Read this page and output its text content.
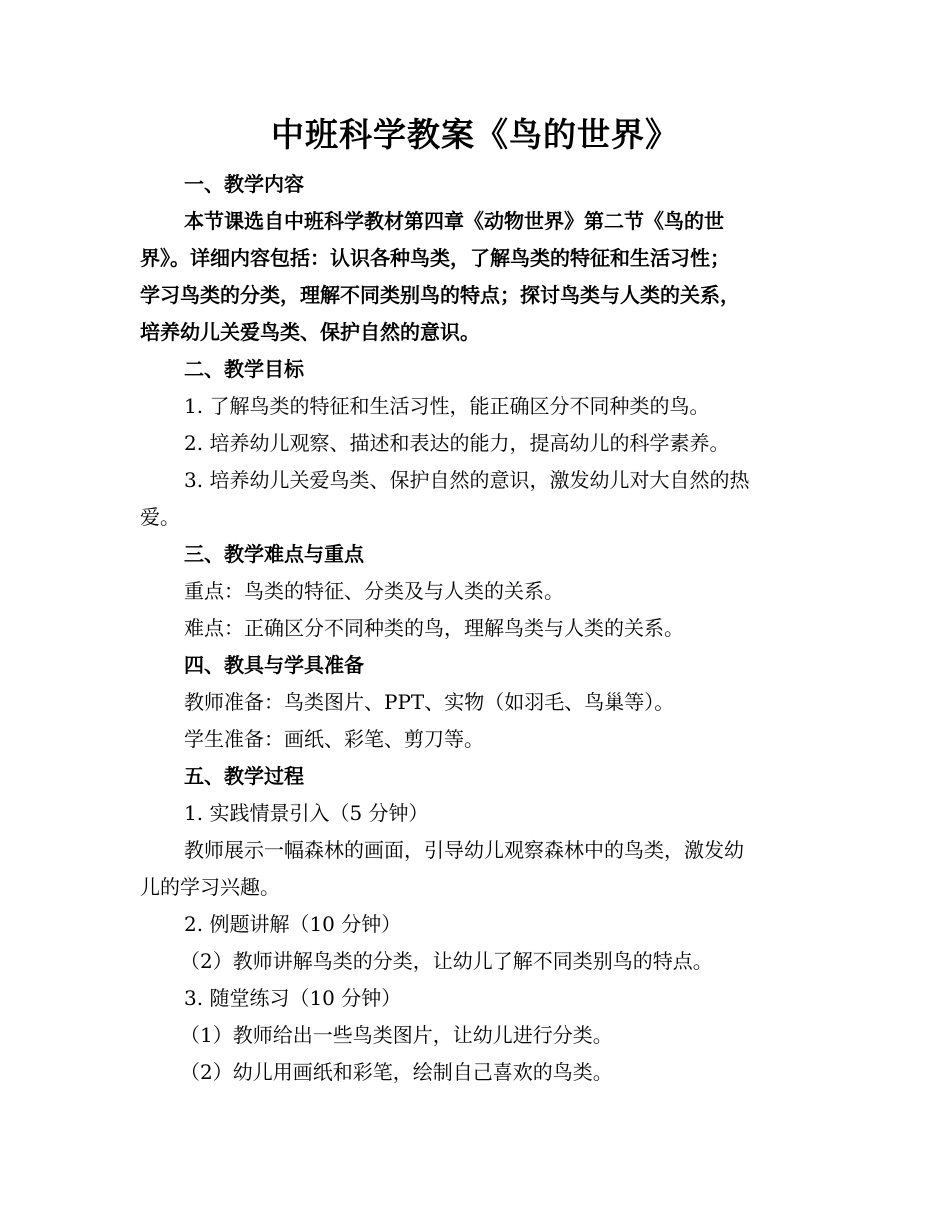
中班科学教案《鸟的世界》

一、教学内容

本节课选自中班科学教材第四章《动物世界》第二节《鸟的世

界》。详细内容包括：认识各种鸟类，了解鸟类的特征和生活习性；

学习鸟类的分类，理解不同类别鸟的特点；探讨鸟类与人类的关系，

培养幼儿关爱鸟类、保护自然的意识。

二、教学目标

1. 了解鸟类的特征和生活习性，能正确区分不同种类的鸟。

2. 培养幼儿观察、描述和表达的能力，提高幼儿的科学素养。

3. 培养幼儿关爱鸟类、保护自然的意识，激发幼儿对大自然的热

爱。

三、教学难点与重点

重点：鸟类的特征、分类及与人类的关系。

难点：正确区分不同种类的鸟，理解鸟类与人类的关系。

四、教具与学具准备

教师准备：鸟类图片、PPT、实物（如羽毛、鸟巢等）。

学生准备：画纸、彩笔、剪刀等。

五、教学过程

1. 实践情景引入（5 分钟）

教师展示一幅森林的画面，引导幼儿观察森林中的鸟类，激发幼

儿的学习兴趣。

2. 例题讲解（10 分钟）

（2）教师讲解鸟类的分类，让幼儿了解不同类别鸟的特点。

3. 随堂练习（10 分钟）

（1）教师给出一些鸟类图片，让幼儿进行分类。

（2）幼儿用画纸和彩笔，绘制自己喜欢的鸟类。
